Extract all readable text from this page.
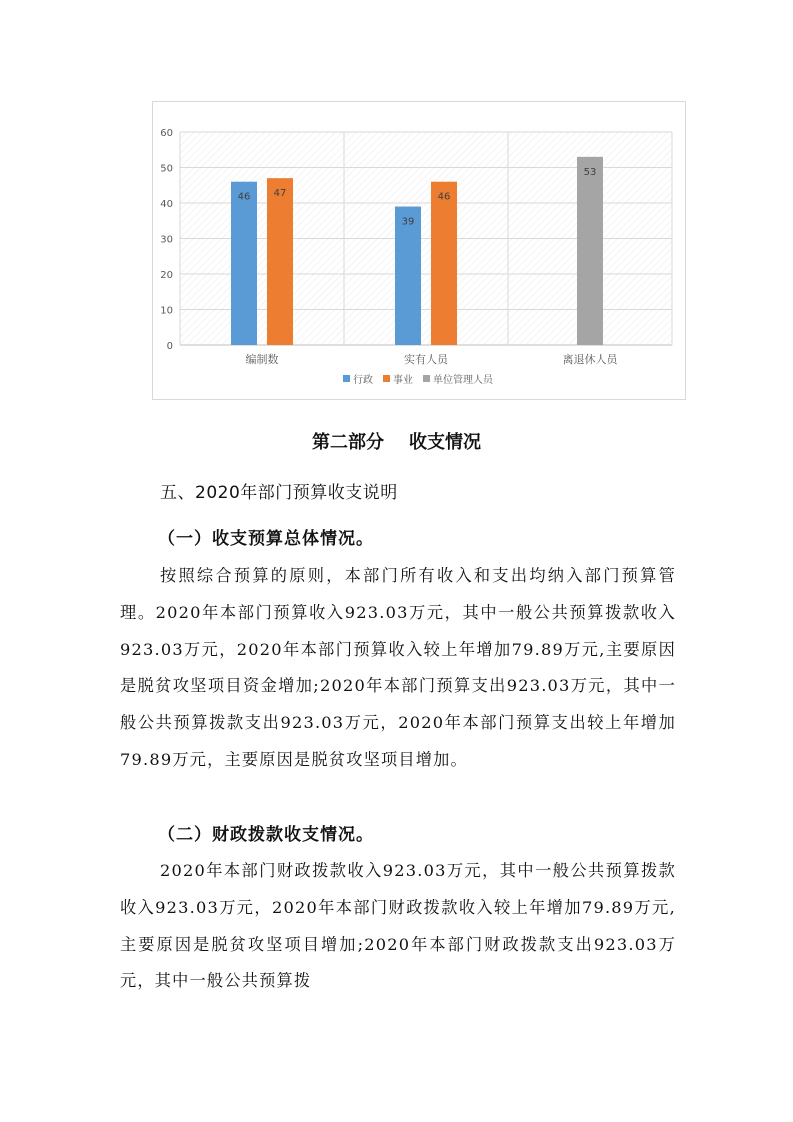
0
10
20
30
40
50
60
46 47
编制数
39
46
实有人员
53
离退休人员
行政 事业 单位管理人员
第二部分    收支情况
五、2020年部门预算收支说明
（一）收支预算总体情况。
按照综合预算的原则，本部门所有收入和支出均纳入部门预算管理。2020年本部门预算收入923.03万元，其中一般公共预算拨款收入923.03万元，2020年本部门预算收入较上年增加79.89万元,主要原因是脱贫攻坚项目资金增加;2020年本部门预算支出923.03万元，其中一般公共预算拨款支出923.03万元，2020年本部门预算支出较上年增加79.89万元，主要原因是脱贫攻坚项目增加。
（二）财政拨款收支情况。
2020年本部门财政拨款收入923.03万元，其中一般公共预算拨款收入923.03万元，2020年本部门财政拨款收入较上年增加79.89万元,主要原因是脱贫攻坚项目增加;2020年本部门财政拨款支出923.03万元，其中一般公共预算拨
